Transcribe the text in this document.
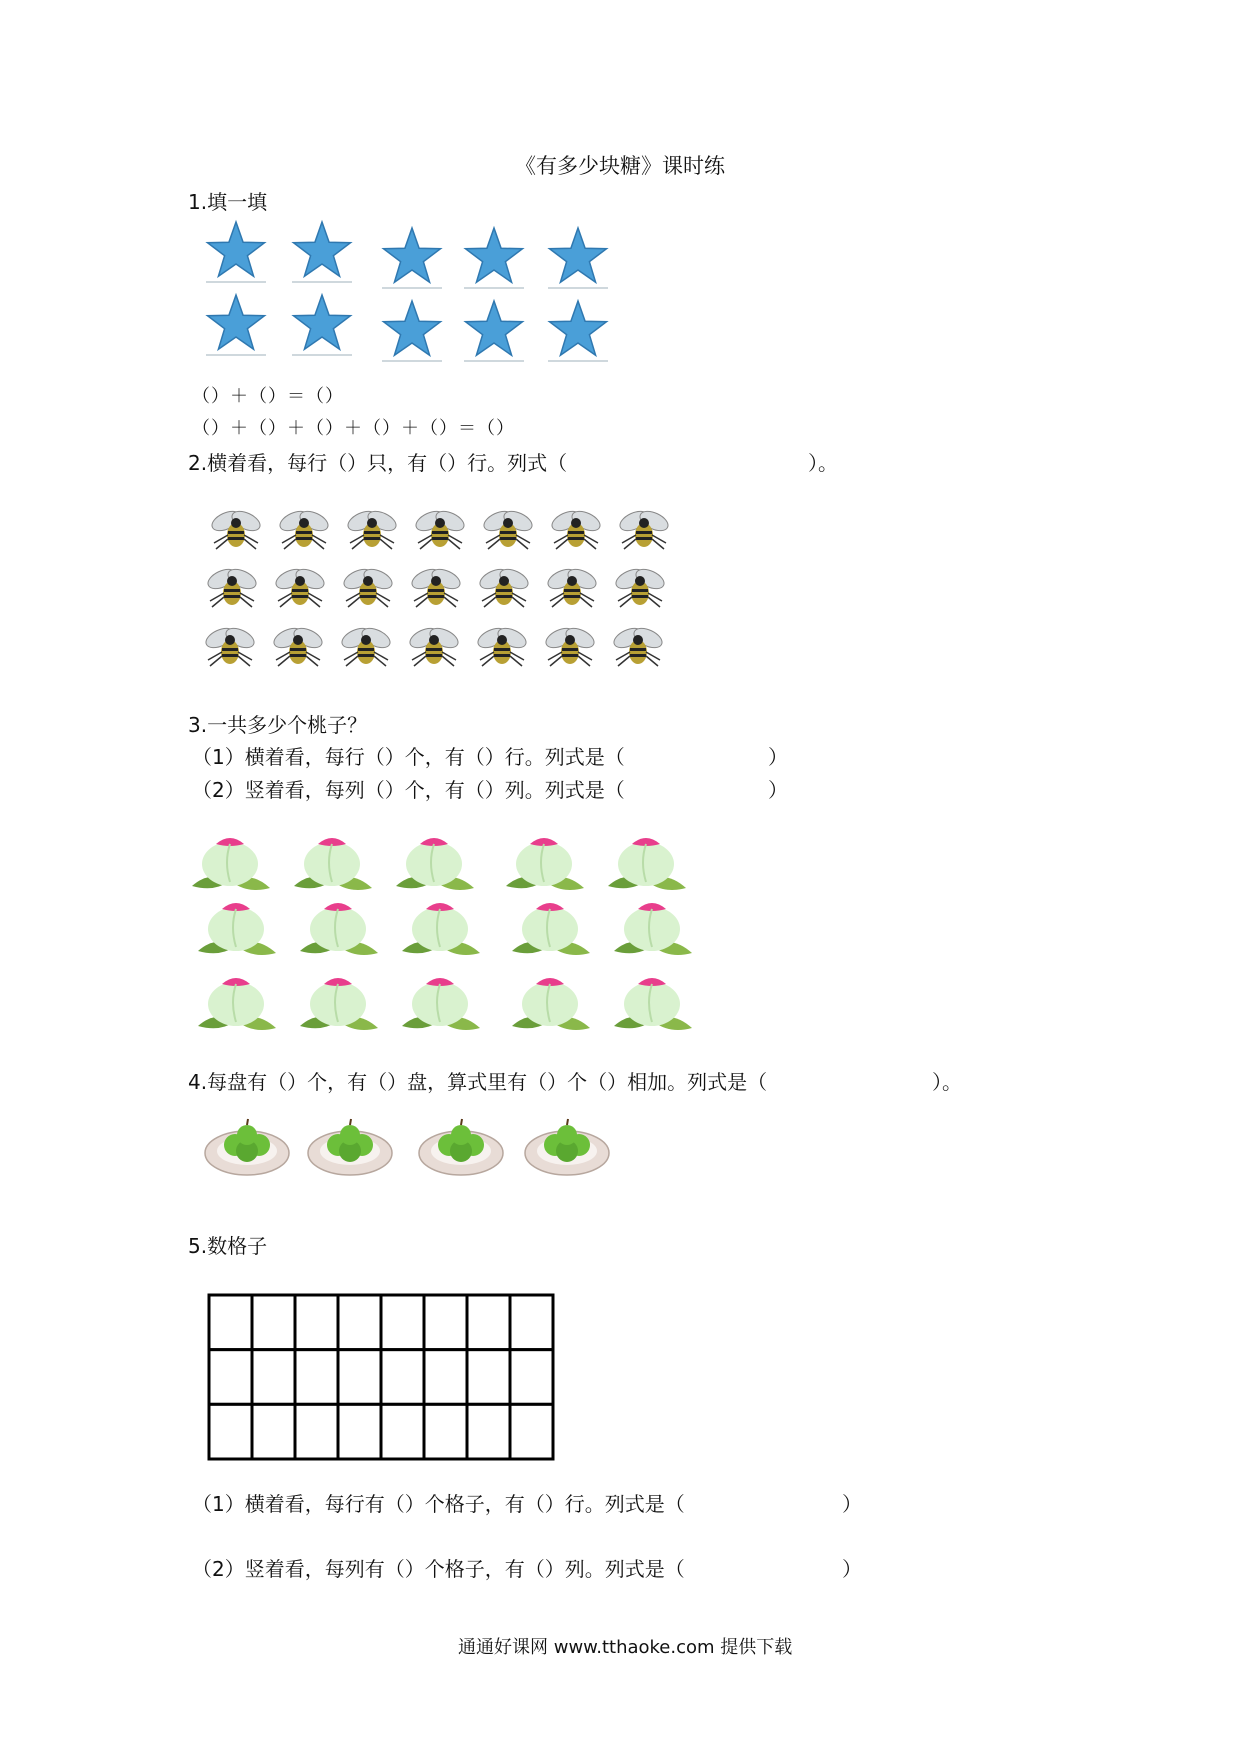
《有多少块糖》课时练
1.填一填
（）＋（）＝（）
（）＋（）＋（）＋（）＋（）＝（）
2.横着看，每行（）只，有（）行。列式（	）。
3.一共多少个桃子？
（1）横着看，每行（）个，有（）行。列式是（	）
（2）竖着看，每列（）个，有（）列。列式是（	）
4.每盘有（）个，有（）盘，算式里有（）个（）相加。列式是（	）。
5.数格子
（1）横着看，每行有（）个格子，有（）行。列式是（	）
（2）竖着看，每列有（）个格子，有（）列。列式是（	）
通通好课网 www.tthaoke.com 提供下载
